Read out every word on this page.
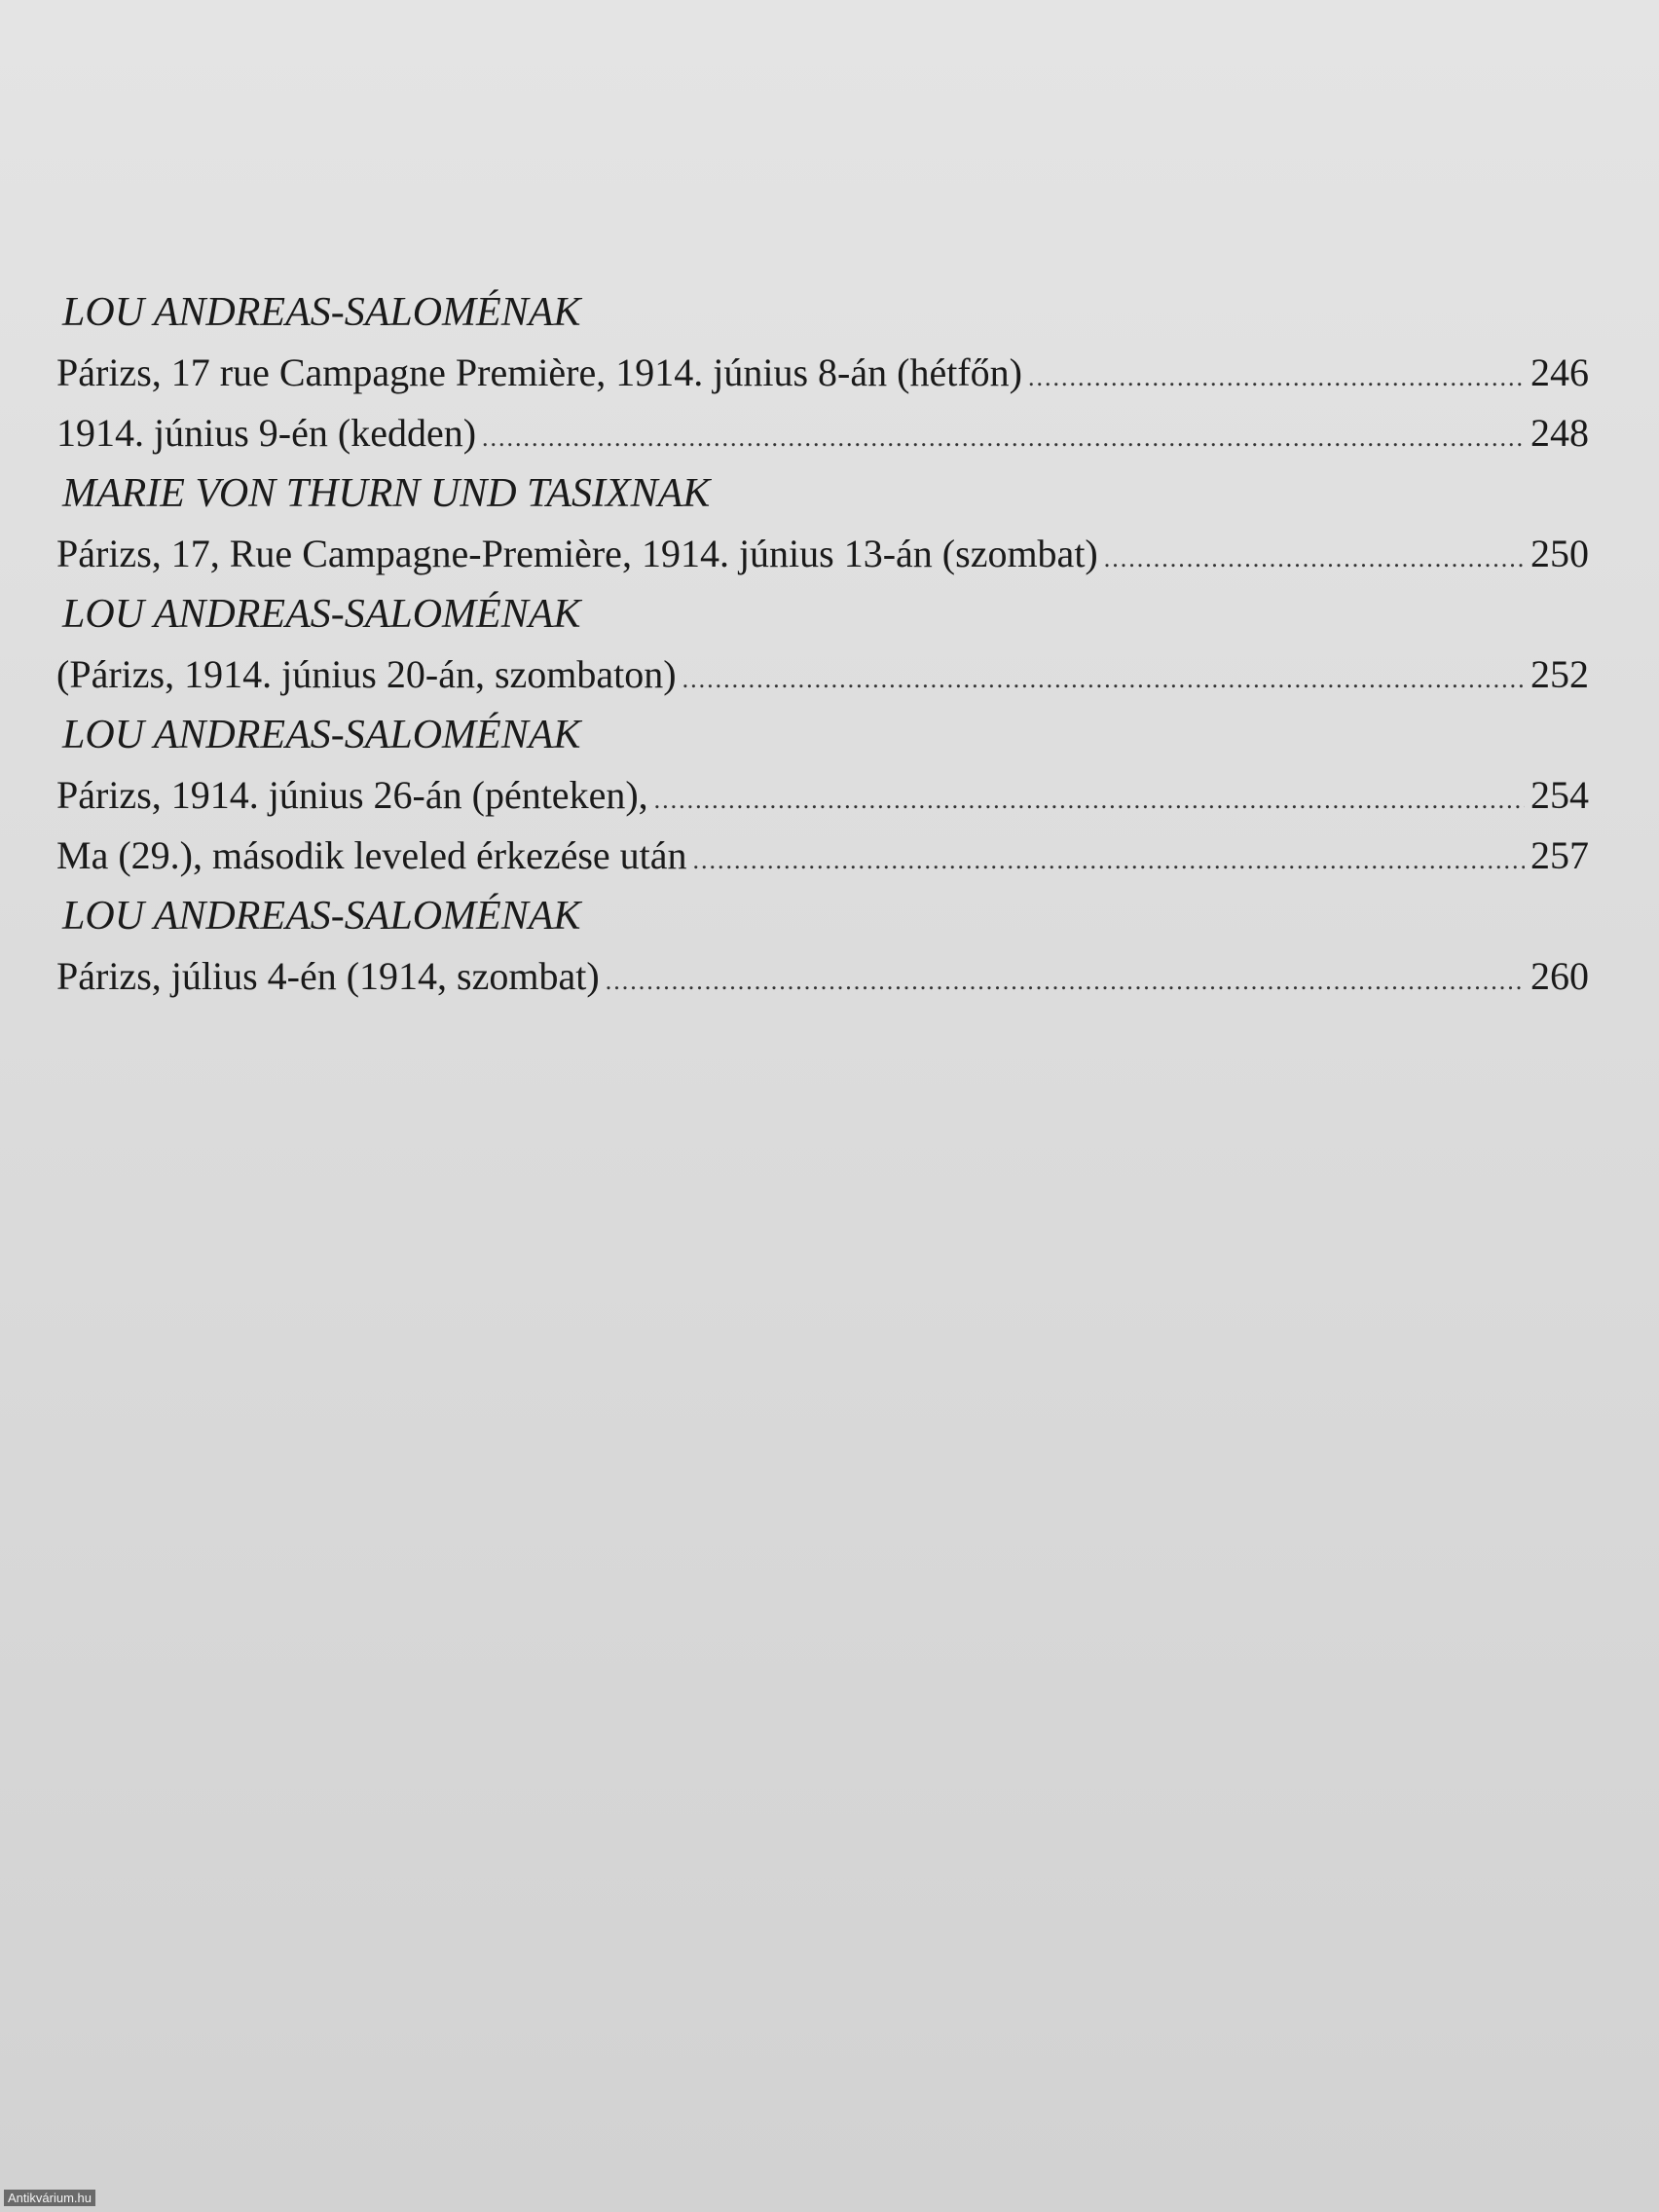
LOU ANDREAS-SALOMÉNAK
Párizs, 17 rue Campagne Première, 1914. június 8-án (hétfőn) .....	246
1914. június 9-én (kedden) .....	248
MARIE VON THURN UND TASIXNAK
Párizs, 17, Rue Campagne-Première, 1914. június 13-án (szombat) .....	250
LOU ANDREAS-SALOMÉNAK
(Párizs, 1914. június 20-án, szombaton) .....	252
LOU ANDREAS-SALOMÉNAK
Párizs, 1914. június 26-án (pénteken), .....	254
Ma (29.), második leveled érkezése után .....	257
LOU ANDREAS-SALOMÉNAK
Párizs, július 4-én (1914, szombat) .....	260
Antikvárium.hu
